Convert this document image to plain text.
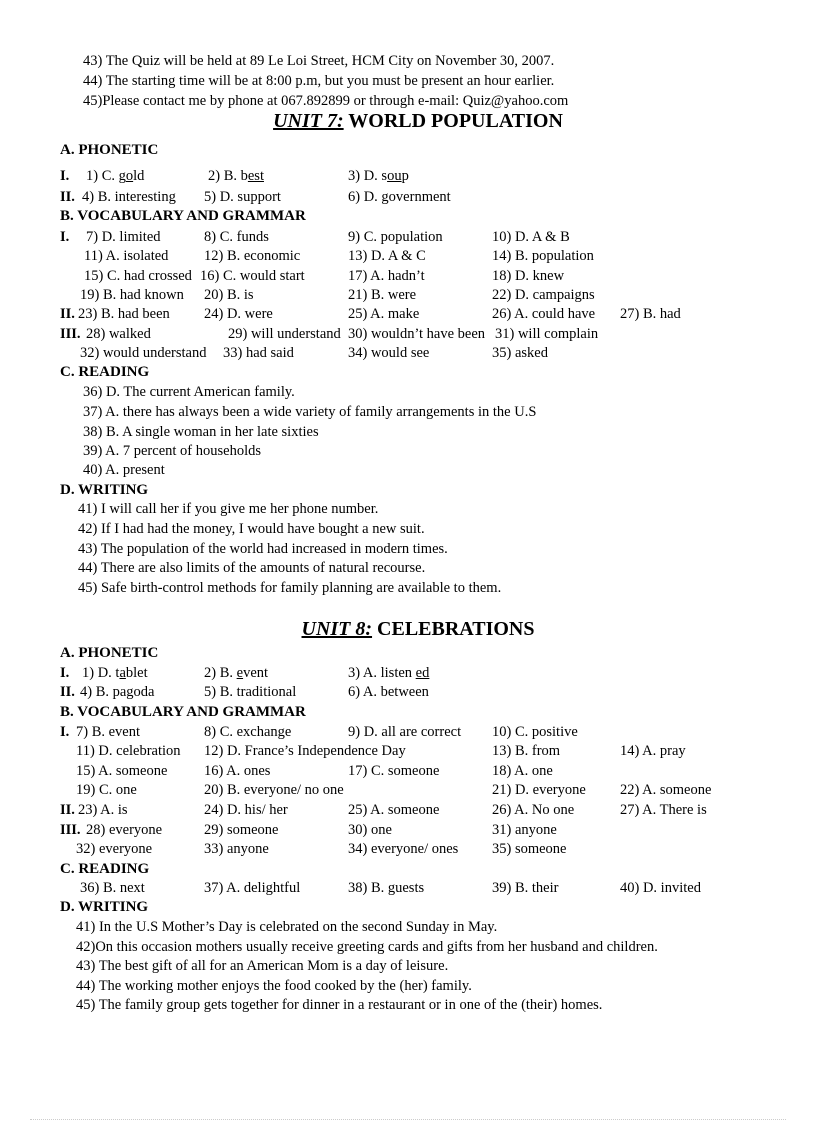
43) The Quiz will be held at 89 Le Loi Street, HCM City on November 30, 2007.
44) The starting time will be at 8:00 p.m, but you must be present an hour earlier.
45)Please contact me by phone at 067.892899 or through e-mail: Quiz@yahoo.com
UNIT 7: WORLD POPULATION
A. PHONETIC
I. 1) C. gold	2) B. best	3) D. soup
II. 4) B. interesting 5) D. support	6) D. government
B. VOCABULARY AND GRAMMAR
I. 7) D. limited	8) C. funds	9) C. population	10) D. A & B
11) A. isolated 12) B. economic	13) D. A & C	14) B. population
15) C. had crossed 16) C. would start	17) A. hadn’t	18) D. knew
19) B. had known 20) B. is	21) B. were	22) D. campaigns
II. 23) B. had been 24) D. were	25) A. make	26) A. could have 27) B. had
III. 28) walked	29) will understand 30) wouldn’t have been 31) will complain
32) would understand 33) had said	34) would see	35) asked
C. READING
36) D. The current American family.
37) A. there has always been a wide variety of family arrangements in the U.S
38) B. A single woman in her late sixties
39) A. 7 percent of households
40) A. present
D. WRITING
41) I will call her if you give me her phone number.
42) If I had had the money, I would have bought a new suit.
43) The population of the world had increased in modern times.
44) There are also limits of the amounts of natural recourse.
45) Safe birth-control methods for family planning are available to them.
UNIT 8: CELEBRATIONS
A. PHONETIC
I. 1) D. tablet	2) B. event	3) A. listen ed
II. 4) B. pagoda	5) B. traditional	6) A. between
B. VOCABULARY AND GRAMMAR
I. 7) B. event	8) C. exchange	9) D. all are correct 10) C. positive
11) D. celebration 12) D. France’s Independence Day	13) B. from	14) A. pray
15) A. someone	16) A. ones	17) C. someone	18) A. one
19) C. one	20) B. everyone/ no one	21) D. everyone 22) A. someone
II. 23) A. is	24) D. his/ her	25) A. someone	26) A. No one	27) A. There is
III. 28) everyone	29) someone	30) one	31) anyone
32) everyone	33) anyone	34) everyone/ ones 35) someone
C. READING
36) B. next	37) A. delightful	38) B. guests	39) B. their	40) D. invited
D. WRITING
41) In the U.S Mother’s Day is celebrated on the second Sunday in May.
42)On this occasion mothers usually receive greeting cards and gifts from her husband and children.
43) The best gift of all for an American Mom is a day of leisure.
44) The working mother enjoys the food cooked by the (her) family.
45) The family group gets together for dinner in a restaurant or in one of the (their) homes.
